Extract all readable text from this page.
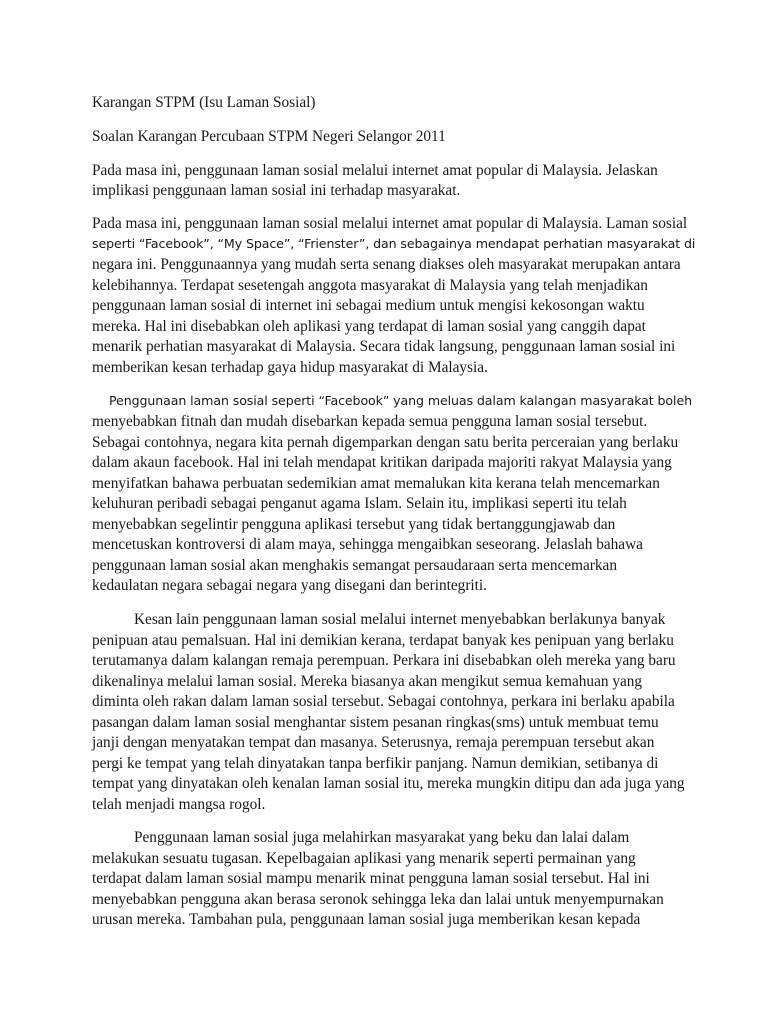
Karangan STPM (Isu Laman Sosial)
Soalan Karangan Percubaan STPM Negeri Selangor 2011
Pada masa ini, penggunaan laman sosial melalui internet amat popular di Malaysia. Jelaskan
implikasi penggunaan laman sosial ini terhadap masyarakat.
Pada masa ini, penggunaan laman sosial melalui internet amat popular di Malaysia. Laman sosial
seperti “Facebook”, “My Space”, “Frienster”, dan sebagainya mendapat perhatian masyarakat di
negara ini. Penggunaannya yang mudah serta senang diakses oleh masyarakat merupakan antara
kelebihannya. Terdapat sesetengah anggota masyarakat di Malaysia yang telah menjadikan
penggunaan laman sosial di internet ini sebagai medium untuk mengisi kekosongan waktu
mereka. Hal ini disebabkan oleh aplikasi yang terdapat di laman sosial yang canggih dapat
menarik perhatian masyarakat di Malaysia. Secara tidak langsung, penggunaan laman sosial ini
memberikan kesan terhadap gaya hidup masyarakat di Malaysia.
Penggunaan laman sosial seperti “Facebook” yang meluas dalam kalangan masyarakat boleh
menyebabkan fitnah dan mudah disebarkan kepada semua pengguna laman sosial tersebut.
Sebagai contohnya, negara kita pernah digemparkan dengan satu berita perceraian yang berlaku
dalam akaun facebook. Hal ini telah mendapat kritikan daripada majoriti rakyat Malaysia yang
menyifatkan bahawa perbuatan sedemikian amat memalukan kita kerana telah mencemarkan
keluhuran peribadi sebagai penganut agama Islam. Selain itu, implikasi seperti itu telah
menyebabkan segelintir pengguna aplikasi tersebut yang tidak bertanggungjawab dan
mencetuskan kontroversi di alam maya, sehingga mengaibkan seseorang. Jelaslah bahawa
penggunaan laman sosial akan menghakis semangat persaudaraan serta mencemarkan
kedaulatan negara sebagai negara yang disegani dan berintegriti.
Kesan lain penggunaan laman sosial melalui internet menyebabkan berlakunya banyak
penipuan atau pemalsuan. Hal ini demikian kerana, terdapat banyak kes penipuan yang berlaku
terutamanya dalam kalangan remaja perempuan. Perkara ini disebabkan oleh mereka yang baru
dikenalinya melalui laman sosial. Mereka biasanya akan mengikut semua kemahuan yang
diminta oleh rakan dalam laman sosial tersebut. Sebagai contohnya, perkara ini berlaku apabila
pasangan dalam laman sosial menghantar sistem pesanan ringkas(sms) untuk membuat temu
janji dengan menyatakan tempat dan masanya. Seterusnya, remaja perempuan tersebut akan
pergi ke tempat yang telah dinyatakan tanpa berfikir panjang. Namun demikian, setibanya di
tempat yang dinyatakan oleh kenalan laman sosial itu, mereka mungkin ditipu dan ada juga yang
telah menjadi mangsa rogol.
Penggunaan laman sosial juga melahirkan masyarakat yang beku dan lalai dalam
melakukan sesuatu tugasan. Kepelbagaian aplikasi yang menarik seperti permainan yang
terdapat dalam laman sosial mampu menarik minat pengguna laman sosial tersebut. Hal ini
menyebabkan pengguna akan berasa seronok sehingga leka dan lalai untuk menyempurnakan
urusan mereka. Tambahan pula, penggunaan laman sosial juga memberikan kesan kepada
